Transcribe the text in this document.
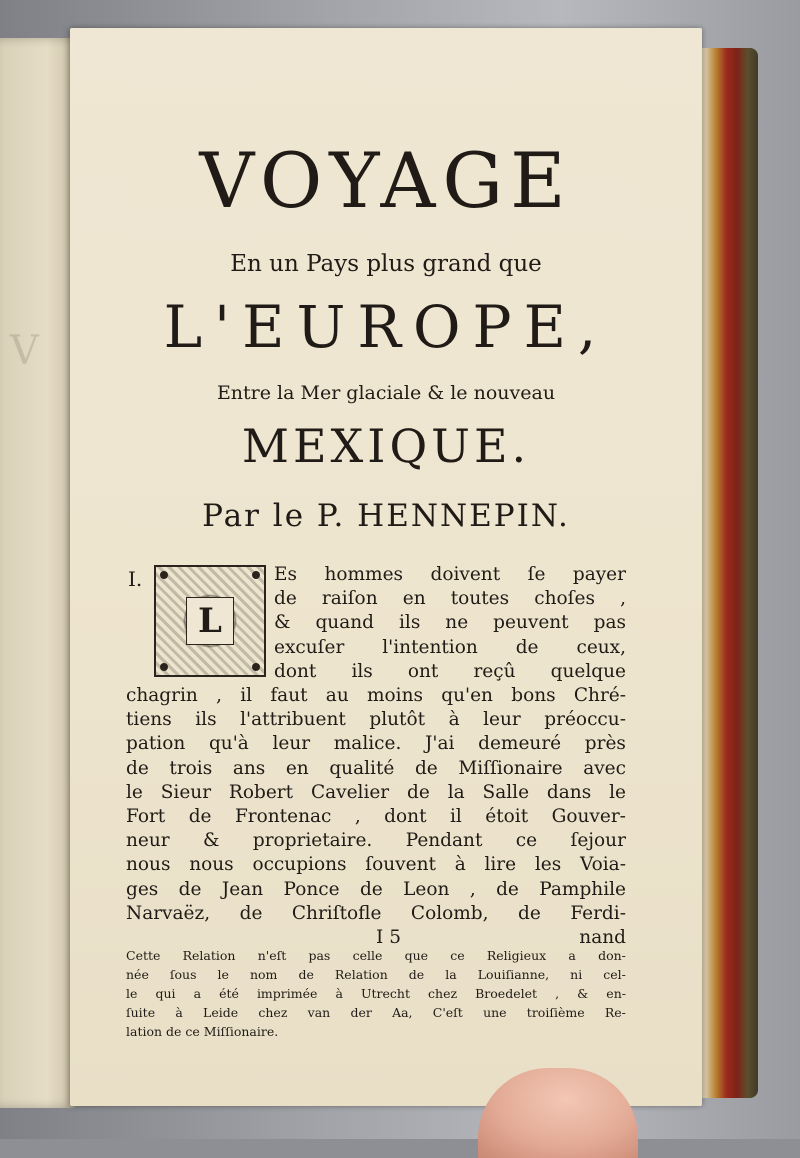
V
VOYAGE
En un Pays plus grand que
L'EUROPE,
Entre la Mer glaciale & le nouveau
MEXIQUE.
Par le P. HENNEPIN.
I.
L
Es hommes doivent ſe payer
de raiſon en toutes choſes ,
& quand ils ne peuvent pas
excuſer l'intention de ceux,
dont ils ont reçû quelque
chagrin , il faut au moins qu'en bons Chré-
tiens ils l'attribuent plutôt à leur préoccu-
pation qu'à leur malice. J'ai demeuré près
de trois ans en qualité de Miſſionaire avec
le Sieur Robert Cavelier de la Salle dans le
Fort de Frontenac , dont il étoit Gouver-
neur & proprietaire. Pendant ce ſejour
nous nous occupions ſouvent à lire les Voia-
ges de Jean Ponce de Leon , de Pamphile
Narvaëz, de Chriſtofle Colomb, de Ferdi-
I 5	nand
Cette Relation n'eſt pas celle que ce Religieux a don-
née ſous le nom de Relation de la Louiſianne, ni cel-
le qui a été imprimée à Utrecht chez Broedelet , & en-
ſuite à Leide chez van der Aa, C'eſt une troiſième Re-
lation de ce Miſſionaire.
